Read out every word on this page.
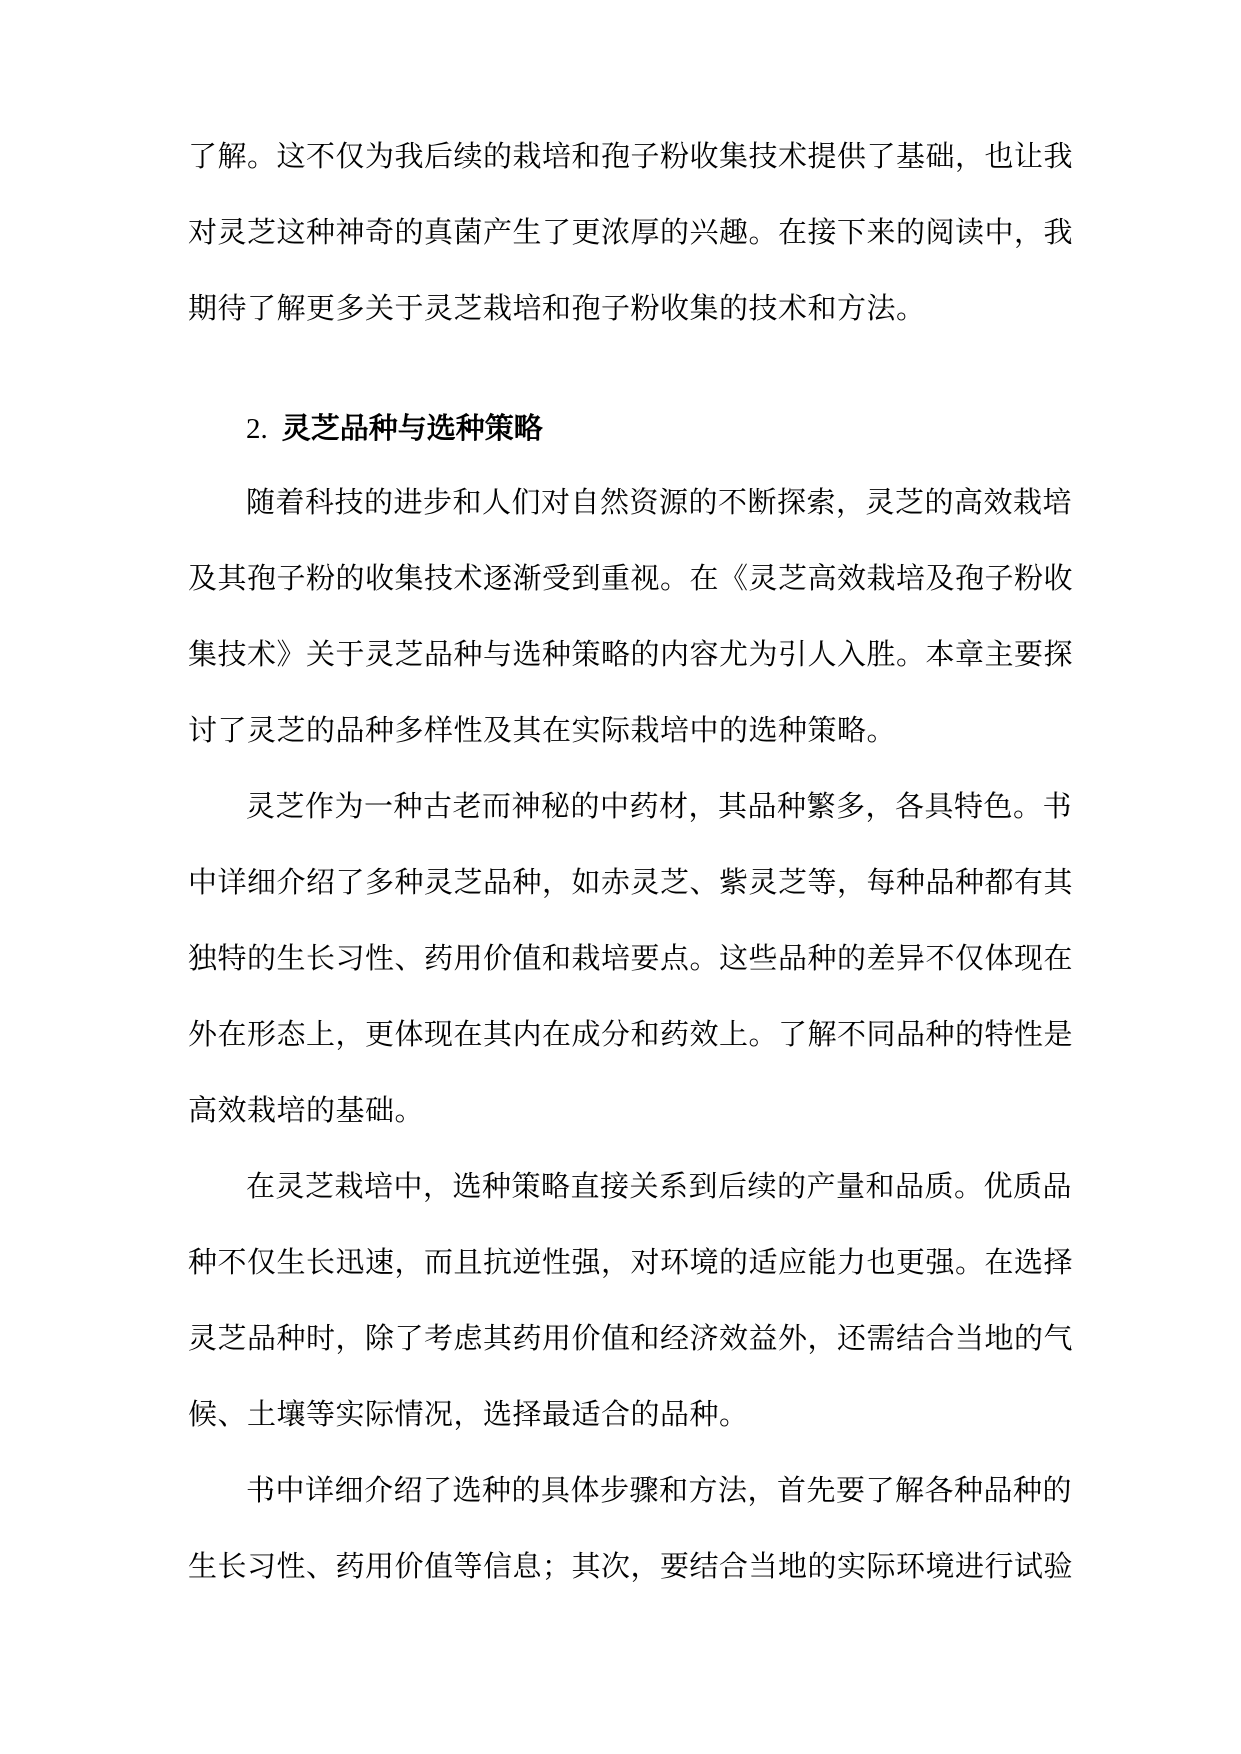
了解。这不仅为我后续的栽培和孢子粉收集技术提供了基础，也让我
对灵芝这种神奇的真菌产生了更浓厚的兴趣。在接下来的阅读中，我
期待了解更多关于灵芝栽培和孢子粉收集的技术和方法。
2. 灵芝品种与选种策略
随着科技的进步和人们对自然资源的不断探索，灵芝的高效栽培
及其孢子粉的收集技术逐渐受到重视。在《灵芝高效栽培及孢子粉收
集技术》关于灵芝品种与选种策略的内容尤为引人入胜。本章主要探
讨了灵芝的品种多样性及其在实际栽培中的选种策略。
灵芝作为一种古老而神秘的中药材，其品种繁多，各具特色。书
中详细介绍了多种灵芝品种，如赤灵芝、紫灵芝等，每种品种都有其
独特的生长习性、药用价值和栽培要点。这些品种的差异不仅体现在
外在形态上，更体现在其内在成分和药效上。了解不同品种的特性是
高效栽培的基础。
在灵芝栽培中，选种策略直接关系到后续的产量和品质。优质品
种不仅生长迅速，而且抗逆性强，对环境的适应能力也更强。在选择
灵芝品种时，除了考虑其药用价值和经济效益外，还需结合当地的气
候、土壤等实际情况，选择最适合的品种。
书中详细介绍了选种的具体步骤和方法，首先要了解各种品种的
生长习性、药用价值等信息；其次，要结合当地的实际环境进行试验
